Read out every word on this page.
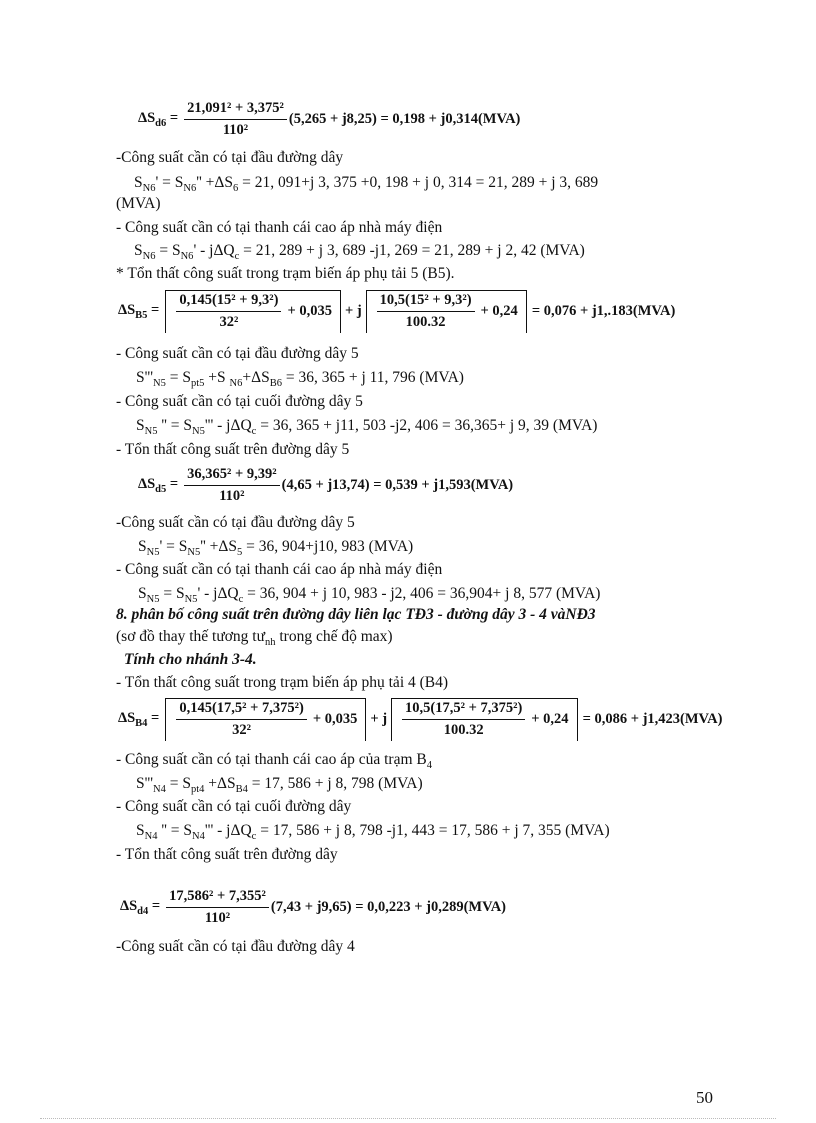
$\Delta S_{d6} = \frac{\text{21,091² + 3,375²}}{\text{110²}} (5,265 + j8,25) = 0,198 + j0,314(MVA)$
-Công suất cần có tại đầu đường dây
$S_{N6}' = S_{N6}'' +\Delta S_6 = 21$, 091+j 3, 375 +0, 198 + j 0, 314 = 21, 289 + j 3, 689
(MVA)
- Công suất cần có tại thanh cái cao áp nhà máy điện
$S_{N6} = S_{N6}' - j\Delta Q_c = 21$, 289 + j 3, 689 -j1, 269 = 21, 289 + j 2, 42 (MVA)
* Tổn thất công suất trong trạm biến áp phụ tải 5 (B5).
$\Delta S_{B5} = \frac{\text{0,145(15² + 9,3²)}}{\text{32²}} + 0,035 + j \frac{\text{10,5(15² + 9,3²)}}{100.32} + 0,24 = 0,076 + j1,.183(MVA)$
- Công suất cần có tại đầu đường dây 5
$S'''_{N5} = S_{pt5} +S$ $_{N6}+\Delta S_{B6} = 36$, 365 + j 11, 796 (MVA)
- Công suất cần có tại cuối đường dây 5
$S_{N5}$ '' = $S_{N5}''' - j\Delta Q_c = 36$, 365 + j11, 503 -j2, 406 = 36,365+ j 9, 39 (MVA)
- Tổn thất công suất trên đường dây 5
$\Delta S_{d5} = \frac{\text{36,365² + 9,39²}}{\text{110²}} (4,65 + j13,74) = 0,539 + j1,593(MVA)$
-Công suất cần có tại đầu đường dây 5
$S_{N5}' = S_{N5}'' +\Delta S_5 = 36$, 904+j10, 983 (MVA)
- Công suất cần có tại thanh cái cao áp nhà máy điện
$S_{N5} = S_{N5}' - j\Delta Q_c = 36$, 904 + j 10, 983 - j2, 406 = 36,904+ j 8, 577 (MVA)
8. phân bố công suất trên đường dây liên lạc TĐ3 - đường dây 3 - 4 vàNĐ3
(sơ đồ thay thế tương $tư_{nh}$ trong chế độ max)
Tính cho nhánh 3-4.
- Tổn thất công suất trong trạm biến áp phụ tải 4 (B4)
$\Delta S_{B4} = \frac{\text{0,145(17,5² + 7,375²)}}{\text{32²}} + 0,035 + j \frac{\text{10,5(17,5² + 7,375²)}}{100.32} + 0,24 = 0,086 + j1,423(MVA)$
- Công suất cần có tại thanh cái cao áp của trạm $B_4$
$S'''_{N4} = S_{pt4} +\Delta S_{B4} = 17$, 586 + j 8, 798 (MVA)
- Công suất cần có tại cuối đường dây
$S_{N4}$ '' = $S_{N4}''' - j\Delta Q_c = 17$, 586 + j 8, 798 -j1, 443 = 17, 586 + j 7, 355 (MVA)
- Tổn thất công suất trên đường dây
$\Delta S_{d4} = \frac{\text{17,586² + 7,355²}}{\text{110²}} (7,43 + j9,65) = 0,0,223 + j0,289(MVA)$
-Công suất cần có tại đầu đường dây 4
50
